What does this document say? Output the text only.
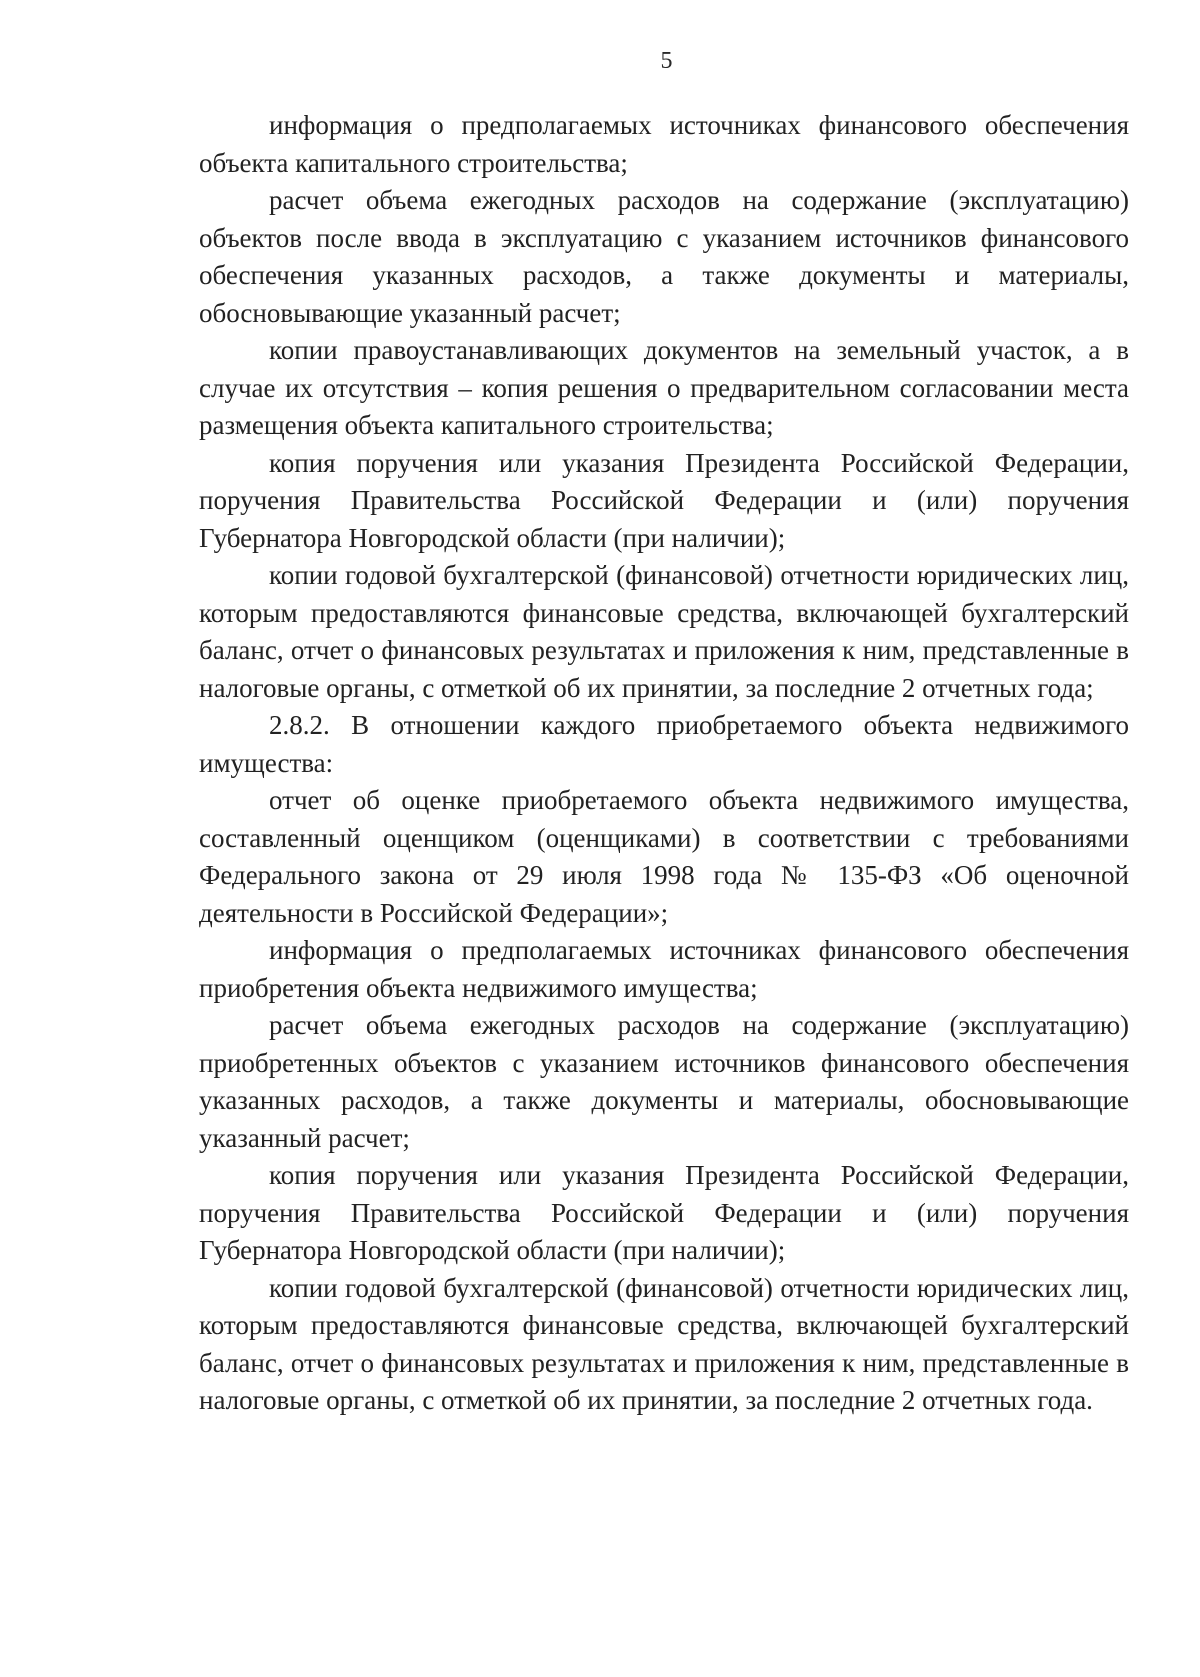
5

информация о предполагаемых источниках финансового обеспечения объекта капитального строительства;

расчет объема ежегодных расходов на содержание (эксплуатацию) объектов после ввода в эксплуатацию с указанием источников финансового обеспечения указанных расходов, а также документы и материалы, обосновывающие указанный расчет;

копии правоустанавливающих документов на земельный участок, а в случае их отсутствия – копия решения о предварительном согласовании места размещения объекта капитального строительства;

копия поручения или указания Президента Российской Федерации, поручения Правительства Российской Федерации и (или) поручения Губернатора Новгородской области (при наличии);

копии годовой бухгалтерской (финансовой) отчетности юридических лиц, которым предоставляются финансовые средства, включающей бухгалтерский баланс, отчет о финансовых результатах и приложения к ним, представленные в налоговые органы, с отметкой об их принятии, за последние 2 отчетных года;

2.8.2. В отношении каждого приобретаемого объекта недвижимого имущества:

отчет об оценке приобретаемого объекта недвижимого имущества, составленный оценщиком (оценщиками) в соответствии с требованиями Федерального закона от 29 июля 1998 года № 135-ФЗ «Об оценочной деятельности в Российской Федерации»;

информация о предполагаемых источниках финансового обеспечения приобретения объекта недвижимого имущества;

расчет объема ежегодных расходов на содержание (эксплуатацию) приобретенных объектов с указанием источников финансового обеспечения указанных расходов, а также документы и материалы, обосновывающие указанный расчет;

копия поручения или указания Президента Российской Федерации, поручения Правительства Российской Федерации и (или) поручения Губернатора Новгородской области (при наличии);

копии годовой бухгалтерской (финансовой) отчетности юридических лиц, которым предоставляются финансовые средства, включающей бухгалтерский баланс, отчет о финансовых результатах и приложения к ним, представленные в налоговые органы, с отметкой об их принятии, за последние 2 отчетных года.
